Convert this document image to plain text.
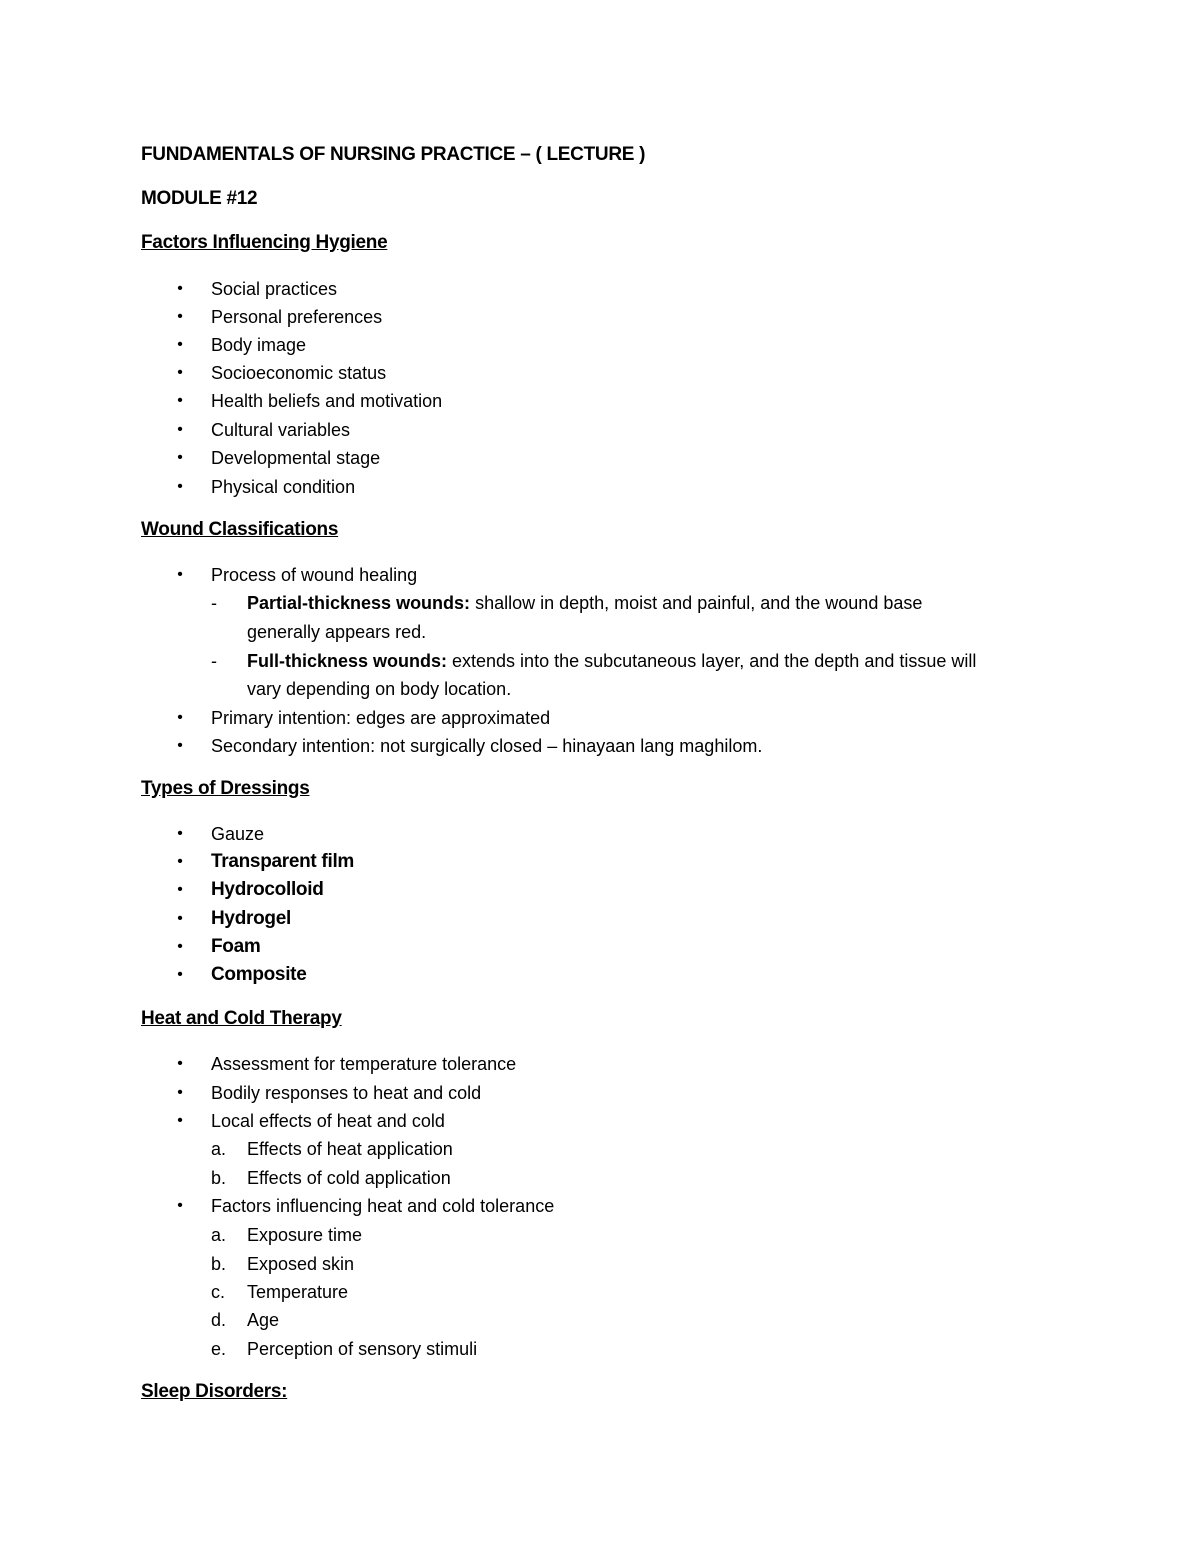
FUNDAMENTALS OF NURSING PRACTICE – ( LECTURE )
MODULE #12
Factors Influencing Hygiene
• Social practices
• Personal preferences
• Body image
• Socioeconomic status
• Health beliefs and motivation
• Cultural variables
• Developmental stage
• Physical condition
Wound Classifications
• Process of wound healing
-	Partial-thickness wounds: shallow in depth, moist and painful, and the wound base
generally appears red.
-	Full-thickness wounds: extends into the subcutaneous layer, and the depth and tissue will
vary depending on body location.
• Primary intention: edges are approximated
• Secondary intention: not surgically closed – hinayaan lang maghilom.
Types of Dressings
• Gauze
• Transparent film
• Hydrocolloid
• Hydrogel
• Foam
• Composite
Heat and Cold Therapy
• Assessment for temperature tolerance
• Bodily responses to heat and cold
• Local effects of heat and cold
a.	Effects of heat application
b.	Effects of cold application
• Factors influencing heat and cold tolerance
a.	Exposure time
b.	Exposed skin
c.	Temperature
d.	Age
e.	Perception of sensory stimuli
Sleep Disorders:
